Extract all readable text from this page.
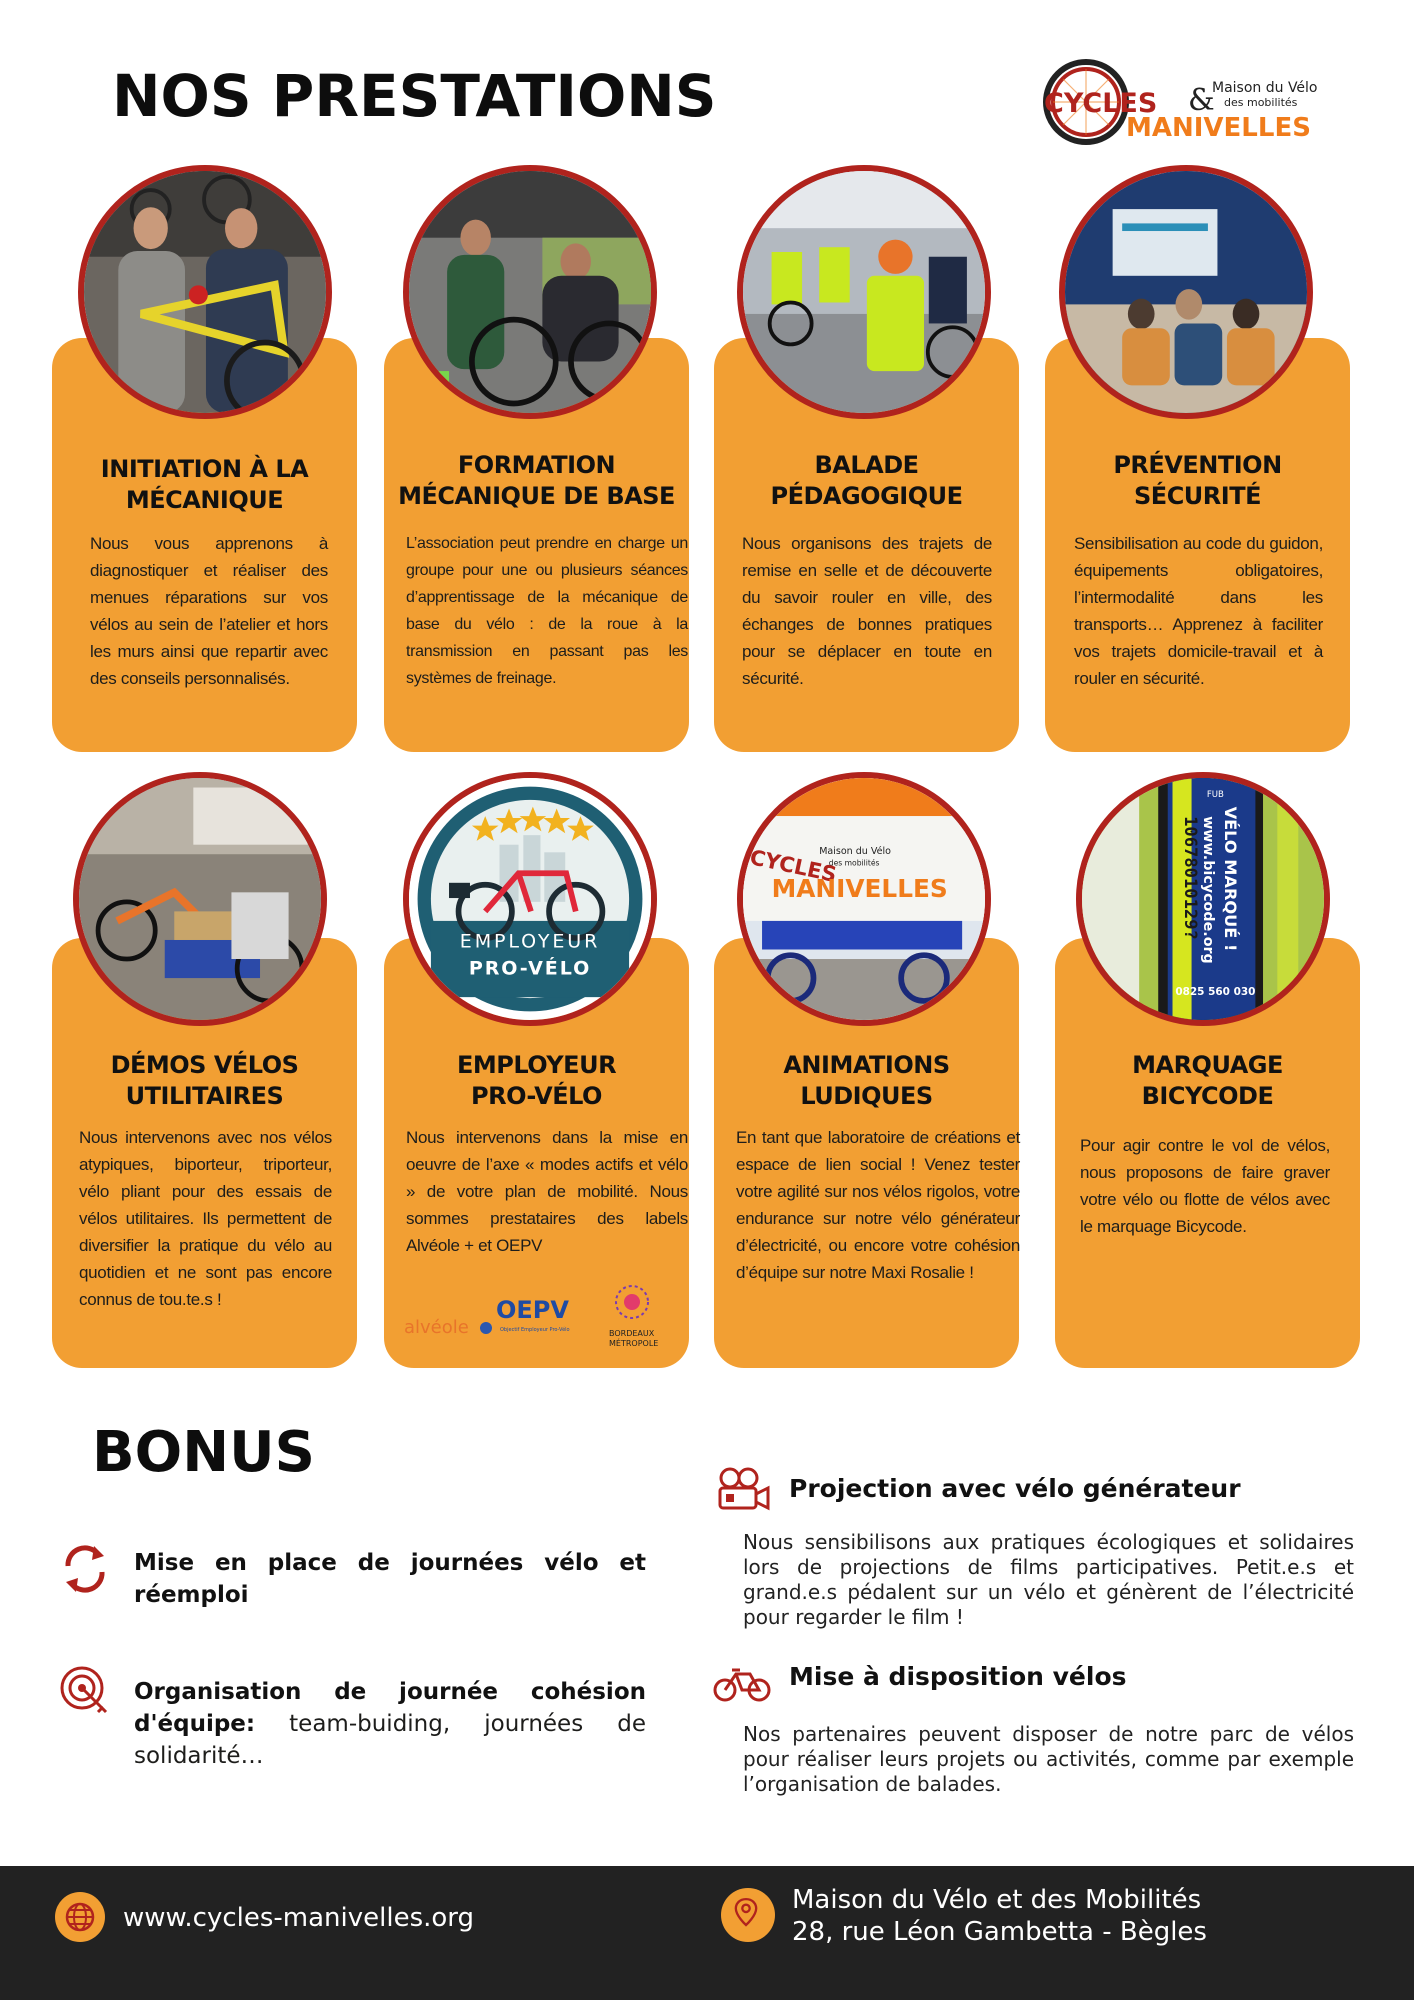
NOS PRESTATIONS	CYCLES &
Maison du Vélo
des mobilités
MANIVELLES
INITIATION À LA
MÉCANIQUE

Nous vous apprenons à diagnostiquer et réaliser des menues réparations sur vos vélos au sein de l’atelier et hors les murs ainsi que repartir avec des conseils personnalisés.

FORMATION
MÉCANIQUE DE BASE

L’association peut prendre en charge un groupe pour une ou plusieurs séances d’apprentissage de la mécanique de base du vélo : de la roue à la transmission en passant pas les systèmes de freinage.

BALADE
PÉDAGOGIQUE

Nous organisons des trajets de remise en selle et de découverte du savoir rouler en ville, des échanges de bonnes pratiques pour se déplacer en toute en sécurité.

PRÉVENTION
SÉCURITÉ

Sensibilisation au code du guidon, équipements obligatoires, l’intermodalité dans les transports… Apprenez à faciliter vos trajets domicile-travail et à rouler en sécurité.

DÉMOS VÉLOS
UTILITAIRES

Nous intervenons avec nos vélos atypiques, biporteur, triporteur, vélo pliant pour des essais de vélos utilitaires. Ils permettent de diversifier la pratique du vélo au quotidien et ne sont pas encore connus de tou.te.s !

EMPLOYEUR
PRO-VÉLO

Nous intervenons dans la mise en oeuvre de l’axe « modes actifs et vélo » de votre plan de mobilité. Nous sommes prestataires des labels Alvéole + et OEPV

alvéole
OEPV
Objectif Employeur Pro-Vélo	BORDEAUX
MÉTROPOLE
EMPLOYEUR
PRO-VÉLO
ANIMATIONS
LUDIQUES

En tant que laboratoire de créations et espace de lien social ! Venez tester votre agilité sur nos vélos rigolos, votre endurance sur notre vélo générateur d’électricité, ou encore votre cohésion d’équipe sur notre Maxi Rosalie !

CYCLES
Maison du Vélo
des mobilités
MANIVELLES
MARQUAGE
BICYCODE

Pour agir contre le vol de vélos, nous proposons de faire graver votre vélo ou flotte de vélos avec le marquage Bicycode.

FUB
10678010129? www.bicycode.org VÉLO MARQUÉ !
0825 560 030
BONUS

Mise en place de journées vélo et réemploi

Organisation de journée cohésion d'équipe: team-buiding, journées de solidarité…

Projection avec vélo générateur

Nous sensibilisons aux pratiques écologiques et solidaires lors de projections de films participatives. Petit.e.s et grand.e.s pédalent sur un vélo et génèrent de l’électricité pour regarder le film !

Mise à disposition vélos

Nos partenaires peuvent disposer de notre parc de vélos pour réaliser leurs projets ou activités, comme par exemple l’organisation de balades.

www.cycles-manivelles.org

Maison du Vélo et des Mobilités
28, rue Léon Gambetta - Bègles
